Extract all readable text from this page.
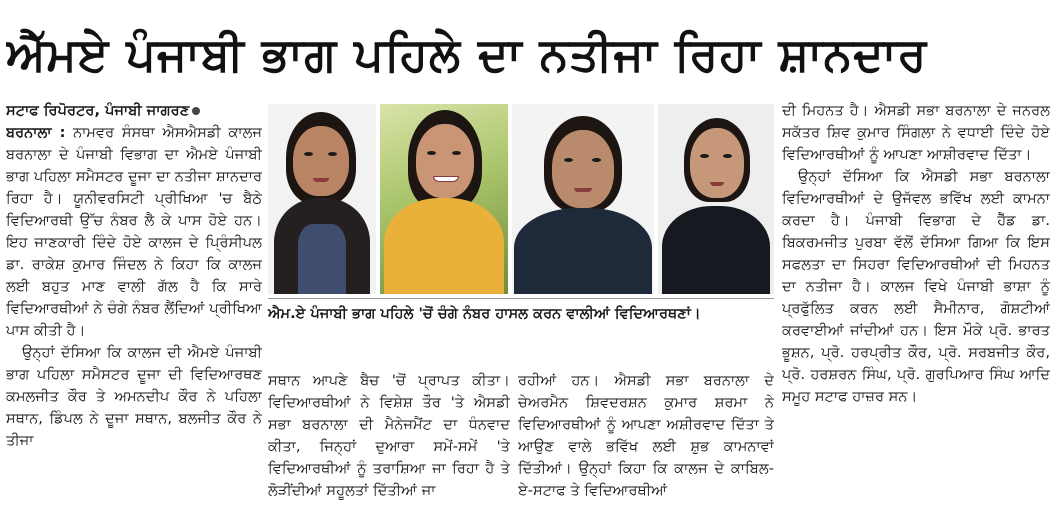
ਐੱਮਏ ਪੰਜਾਬੀ ਭਾਗ ਪਹਿਲੇ ਦਾ ਨਤੀਜਾ ਰਿਹਾ ਸ਼ਾਨਦਾਰ
ਸਟਾਫ ਰਿਪੋਰਟਰ, ਪੰਜਾਬੀ ਜਾਗਰਣ

ਬਰਨਾਲਾ : ਨਾਮਵਰ ਸੰਸਥਾ ਐਸਐਸਡੀ ਕਾਲਜ ਬਰਨਾਲਾ ਦੇ ਪੰਜਾਬੀ ਵਿਭਾਗ ਦਾ ਐਮਏ ਪੰਜਾਬੀ ਭਾਗ ਪਹਿਲਾ ਸਮੈਸਟਰ ਦੂਜਾ ਦਾ ਨਤੀਜਾ ਸ਼ਾਨਦਾਰ ਰਿਹਾ ਹੈ। ਯੂਨੀਵਰਸਿਟੀ ਪ੍ਰੀਖਿਆ 'ਚ ਬੈਠੇ ਵਿਦਿਆਰਥੀ ਉੱਚ ਨੰਬਰ ਲੈ ਕੇ ਪਾਸ ਹੋਏ ਹਨ। ਇਹ ਜਾਣਕਾਰੀ ਦਿੰਦੇ ਹੋਏ ਕਾਲਜ ਦੇ ਪ੍ਰਿੰਸੀਪਲ ਡਾ. ਰਾਕੇਸ਼ ਕੁਮਾਰ ਜਿੰਦਲ ਨੇ ਕਿਹਾ ਕਿ ਕਾਲਜ ਲਈ ਬਹੁਤ ਮਾਣ ਵਾਲੀ ਗੱਲ ਹੈ ਕਿ ਸਾਰੇ ਵਿਦਿਆਰਥੀਆਂ ਨੇ ਚੰਗੇ ਨੰਬਰ ਲੈਂਦਿਆਂ ਪ੍ਰੀਖਿਆ ਪਾਸ ਕੀਤੀ ਹੈ।

ਉਨ੍ਹਾਂ ਦੱਸਿਆ ਕਿ ਕਾਲਜ ਦੀ ਐਮਏ ਪੰਜਾਬੀ ਭਾਗ ਪਹਿਲਾ ਸਮੈਸਟਰ ਦੂਜਾ ਦੀ ਵਿਦਿਆਰਥਣ ਕਮਲਜੀਤ ਕੌਰ ਤੇ ਅਮਨਦੀਪ ਕੌਰ ਨੇ ਪਹਿਲਾ ਸਥਾਨ, ਡਿੰਪਲ ਨੇ ਦੂਜਾ ਸਥਾਨ, ਬਲਜੀਤ ਕੌਰ ਨੇ ਤੀਜਾ

ਐਮ.ਏ ਪੰਜਾਬੀ ਭਾਗ ਪਹਿਲੇ 'ਚੋਂ ਚੰਗੇ ਨੰਬਰ ਹਾਸਲ ਕਰਨ ਵਾਲੀਆਂ ਵਿਦਿਆਰਥਣਾਂ।

ਸਥਾਨ ਆਪਣੇ ਬੈਚ 'ਚੋਂ ਪ੍ਰਾਪਤ ਕੀਤਾ। ਵਿਦਿਆਰਥੀਆਂ ਨੇ ਵਿਸ਼ੇਸ਼ ਤੌਰ 'ਤੇ ਐਸਡੀ ਸਭਾ ਬਰਨਾਲਾ ਦੀ ਮੈਨੇਜਮੈਂਟ ਦਾ ਧੰਨਵਾਦ ਕੀਤਾ, ਜਿਨ੍ਹਾਂ ਦੁਆਰਾ ਸਮੇਂ-ਸਮੇਂ 'ਤੇ ਵਿਦਿਆਰਥੀਆਂ ਨੂੰ ਤਰਾਸ਼ਿਆ ਜਾ ਰਿਹਾ ਹੈ ਤੇ ਲੋੜੀਂਦੀਆਂ ਸਹੂਲਤਾਂ ਦਿੱਤੀਆਂ ਜਾ

ਰਹੀਆਂ ਹਨ। ਐਸਡੀ ਸਭਾ ਬਰਨਾਲਾ ਦੇ ਚੇਅਰਮੈਨ ਸ਼ਿਵਦਰਸ਼ਨ ਕੁਮਾਰ ਸ਼ਰਮਾ ਨੇ ਵਿਦਿਆਰਥੀਆਂ ਨੂੰ ਆਪਣਾ ਅਸ਼ੀਰਵਾਦ ਦਿੱਤਾ ਤੇ ਆਉਣ ਵਾਲੇ ਭਵਿੱਖ ਲਈ ਸ਼ੁਭ ਕਾਮਨਾਵਾਂ ਦਿੱਤੀਆਂ। ਉਨ੍ਹਾਂ ਕਿਹਾ ਕਿ ਕਾਲਜ ਦੇ ਕਾਬਿਲ-ਏ-ਸਟਾਫ ਤੇ ਵਿਦਿਆਰਥੀਆਂ

ਦੀ ਮਿਹਨਤ ਹੈ। ਐਸਡੀ ਸਭਾ ਬਰਨਾਲਾ ਦੇ ਜਨਰਲ ਸਕੱਤਰ ਸ਼ਿਵ ਕੁਮਾਰ ਸਿੰਗਲਾ ਨੇ ਵਧਾਈ ਦਿੰਦੇ ਹੋਏ ਵਿਦਿਆਰਥੀਆਂ ਨੂੰ ਆਪਣਾ ਆਸ਼ੀਰਵਾਦ ਦਿੱਤਾ।

ਉਨ੍ਹਾਂ ਦੱਸਿਆ ਕਿ ਐਸਡੀ ਸਭਾ ਬਰਨਾਲਾ ਵਿਦਿਆਰਥੀਆਂ ਦੇ ਉਜੱਵਲ ਭਵਿੱਖ ਲਈ ਕਾਮਨਾ ਕਰਦਾ ਹੈ। ਪੰਜਾਬੀ ਵਿਭਾਗ ਦੇ ਹੈੱਡ ਡਾ. ਬਿਕਰਮਜੀਤ ਪੁਰਬਾ ਵੱਲੋਂ ਦੱਸਿਆ ਗਿਆ ਕਿ ਇਸ ਸਫਲਤਾ ਦਾ ਸਿਹਰਾ ਵਿਦਿਆਰਥੀਆਂ ਦੀ ਮਿਹਨਤ ਦਾ ਨਤੀਜਾ ਹੈ। ਕਾਲਜ ਵਿਖੇ ਪੰਜਾਬੀ ਭਾਸ਼ਾ ਨੂੰ ਪ੍ਰਫੁੱਲਿਤ ਕਰਨ ਲਈ ਸੈਮੀਨਾਰ, ਗੋਸ਼ਟੀਆਂ ਕਰਵਾਈਆਂ ਜਾਂਦੀਆਂ ਹਨ। ਇਸ ਮੌਕੇ ਪ੍ਰੋ. ਭਾਰਤ ਭੂਸ਼ਨ, ਪ੍ਰੋ. ਹਰਪ੍ਰੀਤ ਕੌਰ, ਪ੍ਰੋ. ਸਰਬਜੀਤ ਕੌਰ, ਪ੍ਰੋ. ਹਰਸ਼ਰਨ ਸਿੰਘ, ਪ੍ਰੋ. ਗੁਰਪਿਆਰ ਸਿੰਘ ਆਦਿ ਸਮੂਹ ਸਟਾਫ ਹਾਜ਼ਰ ਸਨ।
